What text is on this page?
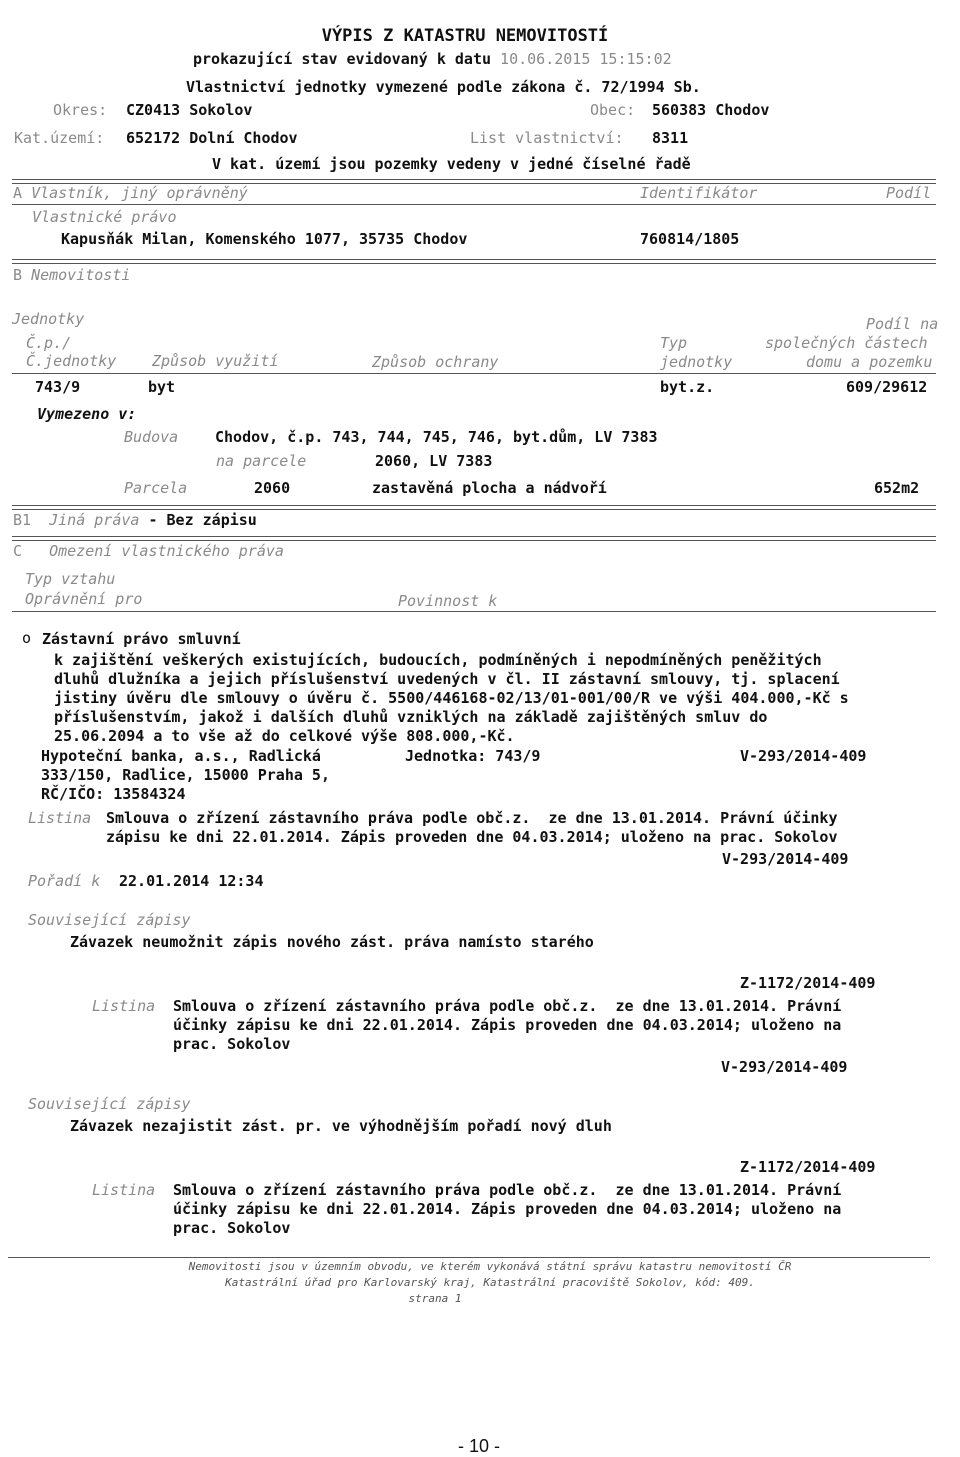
VÝPIS Z KATASTRU NEMOVITOSTÍ
prokazující stav evidovaný k datu 10.06.2015 15:15:02
Vlastnictví jednotky vymezené podle zákona č. 72/1994 Sb.
Okres: CZ0413 Sokolov	Obec: 560383 Chodov
Kat.území: 652172 Dolní Chodov	List vlastnictví: 8311
V kat. území jsou pozemky vedeny v jedné číselné řadě
A Vlastník, jiný oprávněný	Identifikátor	Podíl
Vlastnické právo
Kapusňák Milan, Komenského 1077, 35735 Chodov	760814/1805
B Nemovitosti
Jednotky	Podíl na
Č.p./	Typ	společných částech
Č.jednotky Způsob využití	Způsob ochrany	jednotky	domu a pozemku
743/9	byt	byt.z.	609/29612
Vymezeno v:
Budova Chodov, č.p. 743, 744, 745, 746, byt.dům, LV 7383
na parcele	2060, LV 7383
Parcela	2060	zastavěná plocha a nádvoří	652m2
B1 Jiná práva - Bez zápisu
C Omezení vlastnického práva
Typ vztahu
Oprávnění pro	Povinnost k
o Zástavní právo smluvní
k zajištění veškerých existujících, budoucích, podmíněných i nepodmíněných peněžitých
dluhů dlužníka a jejich příslušenství uvedených v čl. II zástavní smlouvy, tj. splacení
jistiny úvěru dle smlouvy o úvěru č. 5500/446168-02/13/01-001/00/R ve výši 404.000,-Kč s
příslušenstvím, jakož i dalších dluhů vzniklých na základě zajištěných smluv do
25.06.2094 a to vše až do celkové výše 808.000,-Kč.
Hypoteční banka, a.s., Radlická	Jednotka: 743/9	V-293/2014-409
333/150, Radlice, 15000 Praha 5,
RČ/IČO: 13584324
Listina Smlouva o zřízení zástavního práva podle obč.z.  ze dne 13.01.2014. Právní účinky
zápisu ke dni 22.01.2014. Zápis proveden dne 04.03.2014; uloženo na prac. Sokolov
V-293/2014-409
Pořadí k 22.01.2014 12:34
Související zápisy
Závazek neumožnit zápis nového zást. práva namísto starého
Z-1172/2014-409
Listina Smlouva o zřízení zástavního práva podle obč.z.  ze dne 13.01.2014. Právní
účinky zápisu ke dni 22.01.2014. Zápis proveden dne 04.03.2014; uloženo na
prac. Sokolov
V-293/2014-409
Související zápisy
Závazek nezajistit zást. pr. ve výhodnějším pořadí nový dluh
Z-1172/2014-409
Listina Smlouva o zřízení zástavního práva podle obč.z.  ze dne 13.01.2014. Právní
účinky zápisu ke dni 22.01.2014. Zápis proveden dne 04.03.2014; uloženo na
prac. Sokolov
Nemovitosti jsou v územním obvodu, ve kterém vykonává státní správu katastru nemovitostí ČR
Katastrální úřad pro Karlovarský kraj, Katastrální pracoviště Sokolov, kód: 409.
strana 1
- 10 -
